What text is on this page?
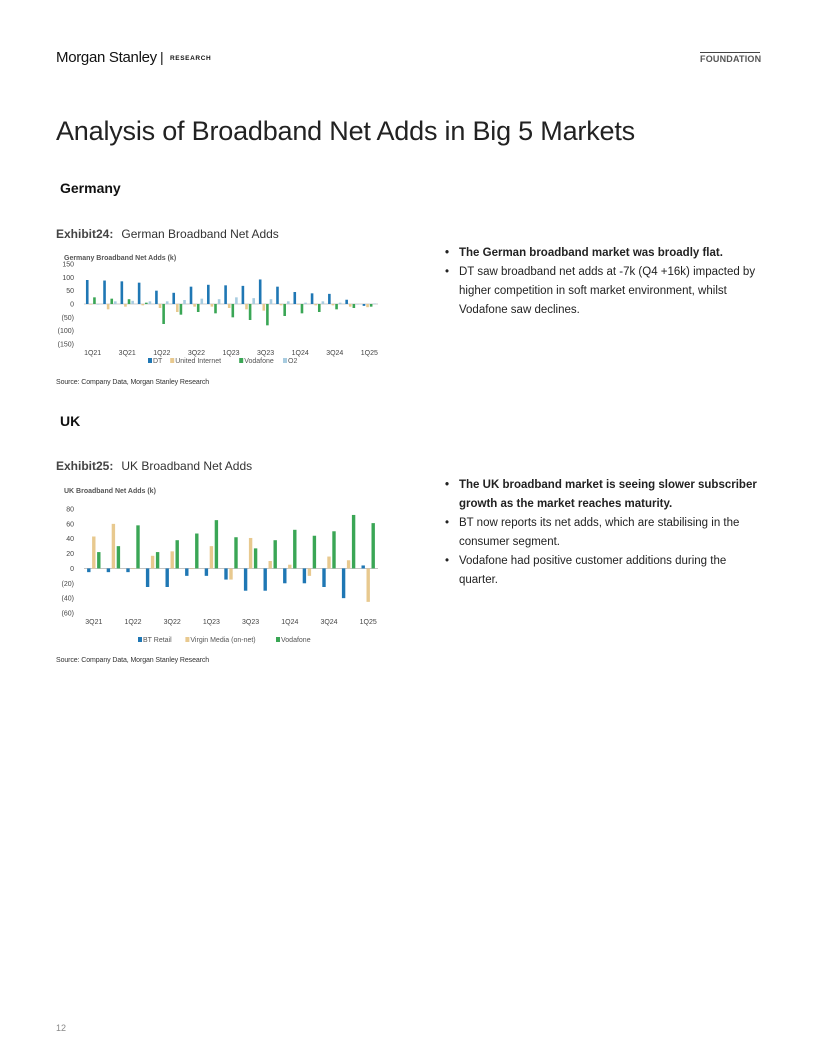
Morgan Stanley | RESEARCH	FOUNDATION
Analysis of Broadband Net Adds in Big 5 Markets
Germany
Exhibit24: German Broadband Net Adds
Germany Broadband Net Adds (k)
150
100
50
0
(50)
(100)
(150)
1Q21 3Q21 1Q22 3Q22 1Q23 3Q23 1Q24 3Q24 1Q25
DT United Internet	Vodafone O2
Source: Company Data, Morgan Stanley Research
• The German broadband market was broadly flat.
• DT saw broadband net adds at -7k (Q4 +16k) impacted by higher competition in soft market environment, whilst Vodafone saw declines.
UK
Exhibit25: UK Broadband Net Adds
UK Broadband Net Adds (k)
80
60
40
20
0
(20)
(40)
(60)
3Q21	1Q22	3Q22	1Q23	3Q23	1Q24	3Q24	1Q25
BT Retail	Virgin Media (on-net)	Vodafone
Source: Company Data, Morgan Stanley Research
• The UK broadband market is seeing slower subscriber growth as the market reaches maturity.
• BT now reports its net adds, which are stabilising in the consumer segment.
• Vodafone had positive customer additions during the quarter.
12
